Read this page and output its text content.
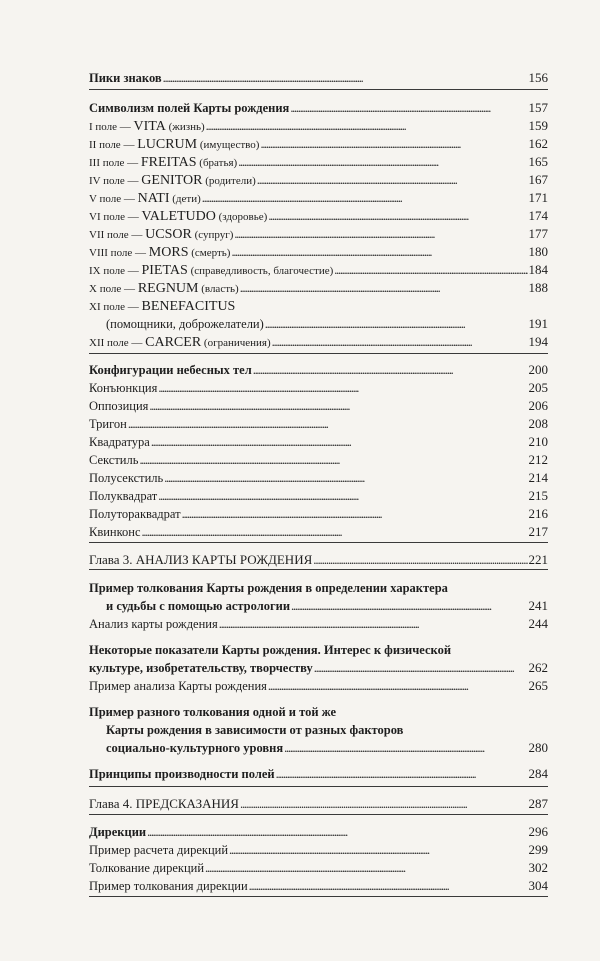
Пики знаков . . .	156
Символизм полей Карты рождения . . .	157
I поле — VITA (жизнь) . . .	159
II поле — LUCRUM (имущество) . . .	162
III поле — FREITAS (братья) . . .	165
IV поле — GENITOR (родители) . . .	167
V поле — NATI (дети) . . .	171
VI поле — VALETUDO (здоровье) . . .	174
VII поле — UCSOR (супруг) . . .	177
VIII поле — MORS (смерть) . . .	180
IX поле — PIETAS (справедливость, благочестие) . . .	184
X поле — REGNUM (власть) . . .	188
XI поле — BENEFACITUS
(помощники, доброжелатели) . . .	191
XII поле — CARCER (ограничения) . . .	194
Конфигурации небесных тел . . .	200
Конъюнкция . . .	205
Оппозиция . . .	206
Тригон . . .	208
Квадратура . . .	210
Секстиль . . .	212
Полусекстиль . . .	214
Полуквадрат . . .	215
Полутораквадрат . . .	216
Квинконс . . .	217
Глава 3. АНАЛИЗ КАРТЫ РОЖДЕНИЯ . . .	221
Пример толкования Карты рождения в определении характера
и судьбы с помощью астрологии . . .	241
Анализ карты рождения . . .	244
Некоторые показатели Карты рождения. Интерес к физической
культуре, изобретательству, творчеству . . .	262
Пример анализа Карты рождения . . .	265
Пример разного толкования одной и той же
Карты рождения в зависимости от разных факторов
социально-культурного уровня . . .	280
Принципы производности полей . . .	284
Глава 4. ПРЕДСКАЗАНИЯ . . .	287
Дирекции . . .	296
Пример расчета дирекций . . .	299
Толкование дирекций . . .	302
Пример толкования дирекции . . .	304
